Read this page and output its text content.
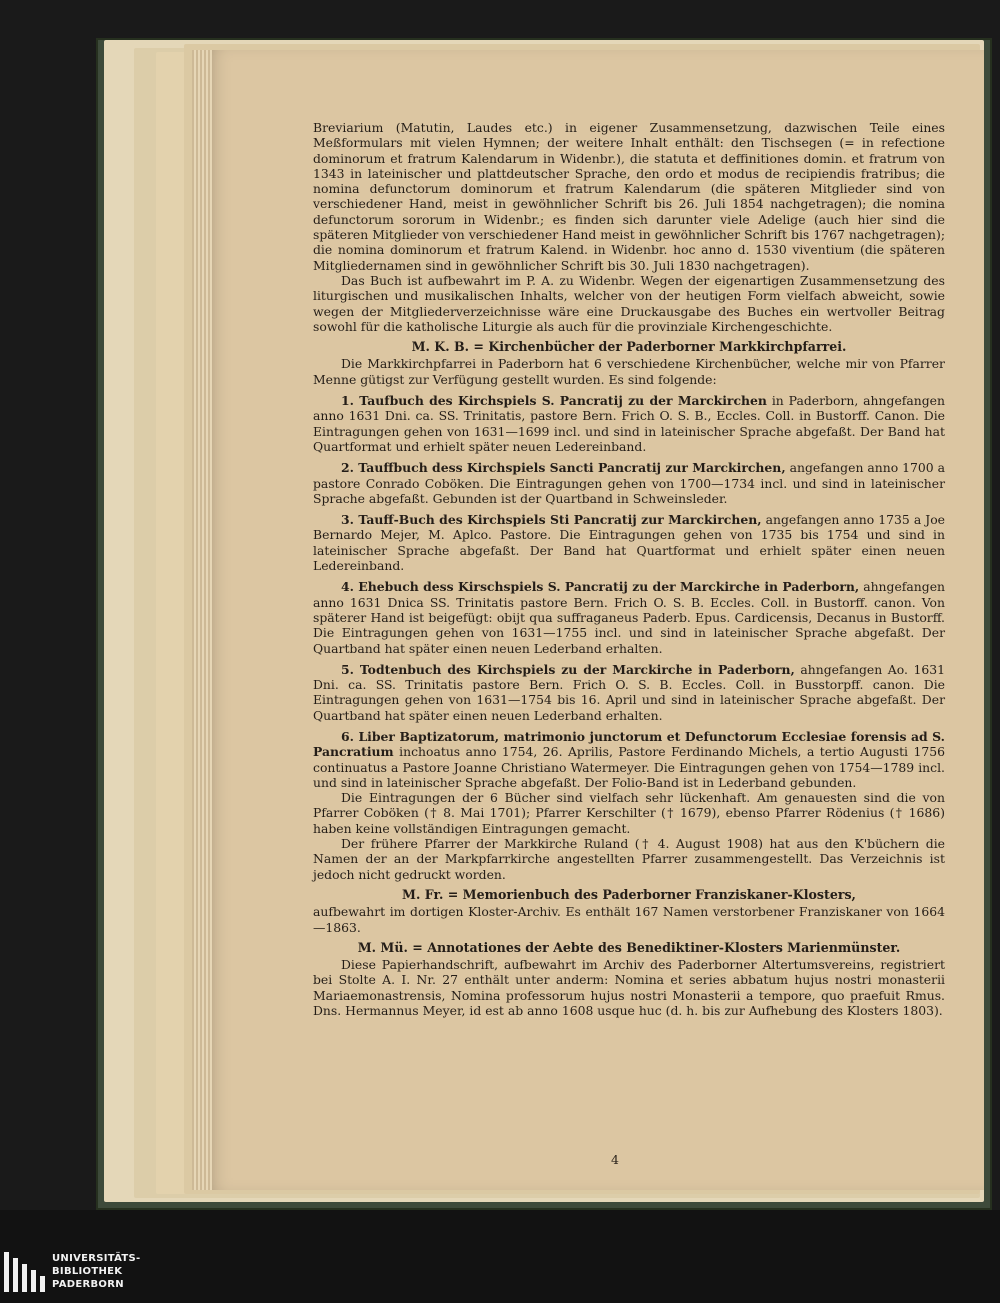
Breviarium (Matutin, Laudes etc.) in eigener Zusammensetzung, dazwischen Teile eines Meßformulars mit vielen Hymnen; der weitere Inhalt enthält: den Tischsegen (= in refectione dominorum et fratrum Kalendarum in Widenbr.), die statuta et deffinitiones domin. et fratrum von 1343 in lateinischer und plattdeutscher Sprache, den ordo et modus de recipiendis fratribus; die nomina defunctorum dominorum et fratrum Kalendarum (die späteren Mitglieder sind von verschiedener Hand, meist in gewöhnlicher Schrift bis 26. Juli 1854 nachgetragen); die nomina defunctorum sororum in Widenbr.; es finden sich darunter viele Adelige (auch hier sind die späteren Mitglieder von verschiedener Hand meist in gewöhnlicher Schrift bis 1767 nachgetragen); die nomina dominorum et fratrum Kalend. in Widenbr. hoc anno d. 1530 viventium (die späteren Mitgliedernamen sind in gewöhnlicher Schrift bis 30. Juli 1830 nachgetragen).

Das Buch ist aufbewahrt im P. A. zu Widenbr. Wegen der eigenartigen Zusammensetzung des liturgischen und musikalischen Inhalts, welcher von der heutigen Form vielfach abweicht, sowie wegen der Mitgliederverzeichnisse wäre eine Druckausgabe des Buches ein wertvoller Beitrag sowohl für die katholische Liturgie als auch für die provinziale Kirchengeschichte.

M. K. B. = Kirchenbücher der Paderborner Markkirchpfarrei.

Die Markkirchpfarrei in Paderborn hat 6 verschiedene Kirchenbücher, welche mir von Pfarrer Menne gütigst zur Verfügung gestellt wurden. Es sind folgende:

1. Taufbuch des Kirchspiels S. Pancratij zu der Marckirchen in Paderborn, ahngefangen anno 1631 Dni. ca. SS. Trinitatis, pastore Bern. Frich O. S. B., Eccles. Coll. in Bustorff. Canon. Die Eintragungen gehen von 1631—1699 incl. und sind in lateinischer Sprache abgefaßt. Der Band hat Quartformat und erhielt später neuen Ledereinband.

2. Tauffbuch dess Kirchspiels Sancti Pancratij zur Marckirchen, angefangen anno 1700 a pastore Conrado Coböken. Die Eintragungen gehen von 1700—1734 incl. und sind in lateinischer Sprache abgefaßt. Gebunden ist der Quartband in Schweinsleder.

3. Tauff-Buch des Kirchspiels Sti Pancratij zur Marckirchen, angefangen anno 1735 a Joe Bernardo Mejer, M. Aplco. Pastore. Die Eintragungen gehen von 1735 bis 1754 und sind in lateinischer Sprache abgefaßt. Der Band hat Quartformat und erhielt später einen neuen Ledereinband.

4. Ehebuch dess Kirschspiels S. Pancratij zu der Marckirche in Paderborn, ahngefangen anno 1631 Dnica SS. Trinitatis pastore Bern. Frich O. S. B. Eccles. Coll. in Bustorff. canon. Von späterer Hand ist beigefügt: obijt qua suffraganeus Paderb. Epus. Cardicensis, Decanus in Bustorff. Die Eintragungen gehen von 1631—1755 incl. und sind in lateinischer Sprache abgefaßt. Der Quartband hat später einen neuen Lederband erhalten.

5. Todtenbuch des Kirchspiels zu der Marckirche in Paderborn, ahngefangen Ao. 1631 Dni. ca. SS. Trinitatis pastore Bern. Frich O. S. B. Eccles. Coll. in Busstorpff. canon. Die Eintragungen gehen von 1631—1754 bis 16. April und sind in lateinischer Sprache abgefaßt. Der Quartband hat später einen neuen Lederband erhalten.

6. Liber Baptizatorum, matrimonio junctorum et Defunctorum Ecclesiae forensis ad S. Pancratium inchoatus anno 1754, 26. Aprilis, Pastore Ferdinando Michels, a tertio Augusti 1756 continuatus a Pastore Joanne Christiano Watermeyer. Die Eintragungen gehen von 1754—1789 incl. und sind in lateinischer Sprache abgefaßt. Der Folio-Band ist in Lederband gebunden.

Die Eintragungen der 6 Bücher sind vielfach sehr lückenhaft. Am genauesten sind die von Pfarrer Coböken († 8. Mai 1701); Pfarrer Kerschilter († 1679), ebenso Pfarrer Rödenius († 1686) haben keine vollständigen Eintragungen gemacht.

Der frühere Pfarrer der Markkirche Ruland († 4. August 1908) hat aus den K'büchern die Namen der an der Markpfarrkirche angestellten Pfarrer zusammengestellt. Das Verzeichnis ist jedoch nicht gedruckt worden.

M. Fr. = Memorienbuch des Paderborner Franziskaner-Klosters,

aufbewahrt im dortigen Kloster-Archiv. Es enthält 167 Namen verstorbener Franziskaner von 1664—1863.

M. Mü. = Annotationes der Aebte des Benediktiner-Klosters Marienmünster.

Diese Papierhandschrift, aufbewahrt im Archiv des Paderborner Altertumsvereins, registriert bei Stolte A. I. Nr. 27 enthält unter anderm: Nomina et series abbatum hujus nostri monasterii Mariaemonastrensis, Nomina professorum hujus nostri Monasterii a tempore, quo praefuit Rmus. Dns. Hermannus Meyer, id est ab anno 1608 usque huc (d. h. bis zur Aufhebung des Klosters 1803).

4
UNIVERSITÄTS-
BIBLIOTHEK
PADERBORN
